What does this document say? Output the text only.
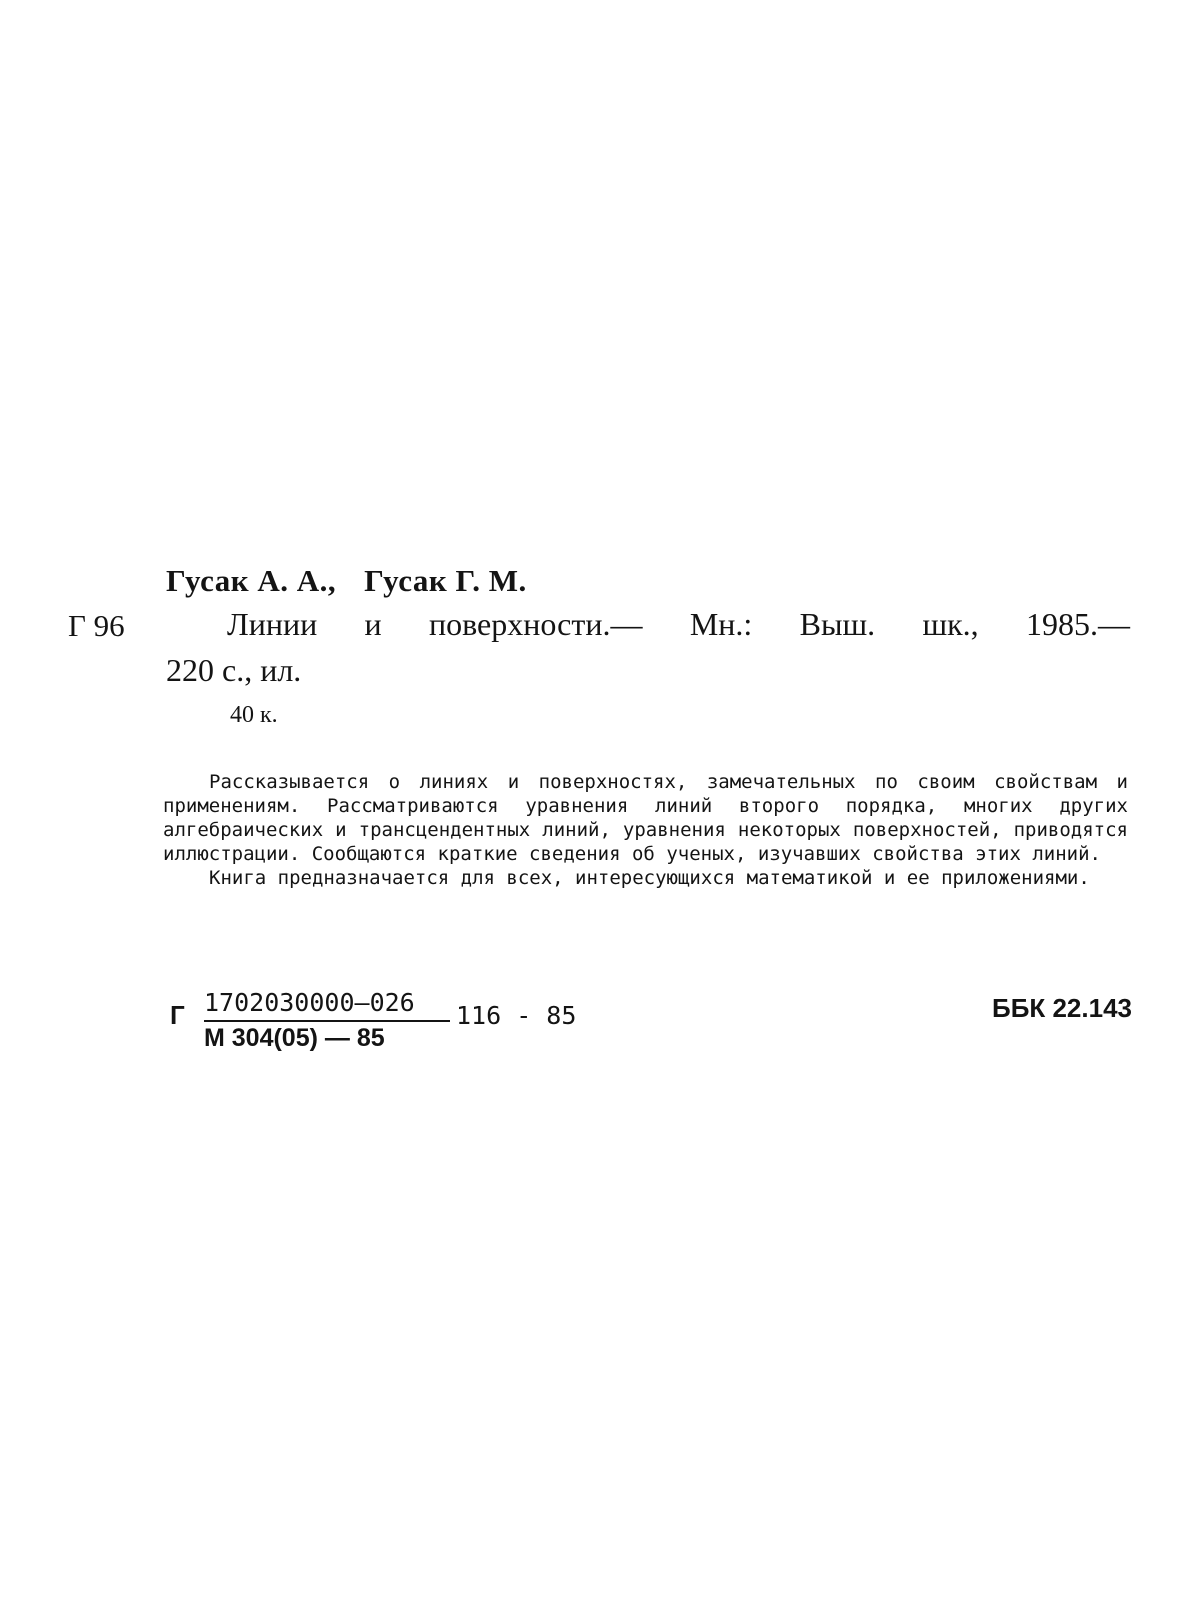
Гусак А. А., Гусак Г. М.
Г 96	Линии и поверхности.— Мн.: Выш. шк., 1985.—
220 с., ил.
40 к.

Рассказывается о линиях и поверхностях, замечательных по своим свойствам и применениям. Рассматриваются уравнения линий второго порядка, многих других алгебраических и трансцендентных линий, уравнения некоторых поверхностей, приводятся иллюстрации. Сообщаются краткие сведения об ученых, изучавших свойства этих линий.

Книга предназначается для всех, интересующихся математикой и ее приложениями.

Г 1702030000—026
М 304(05) — 85
116 - 85	ББК 22.143
